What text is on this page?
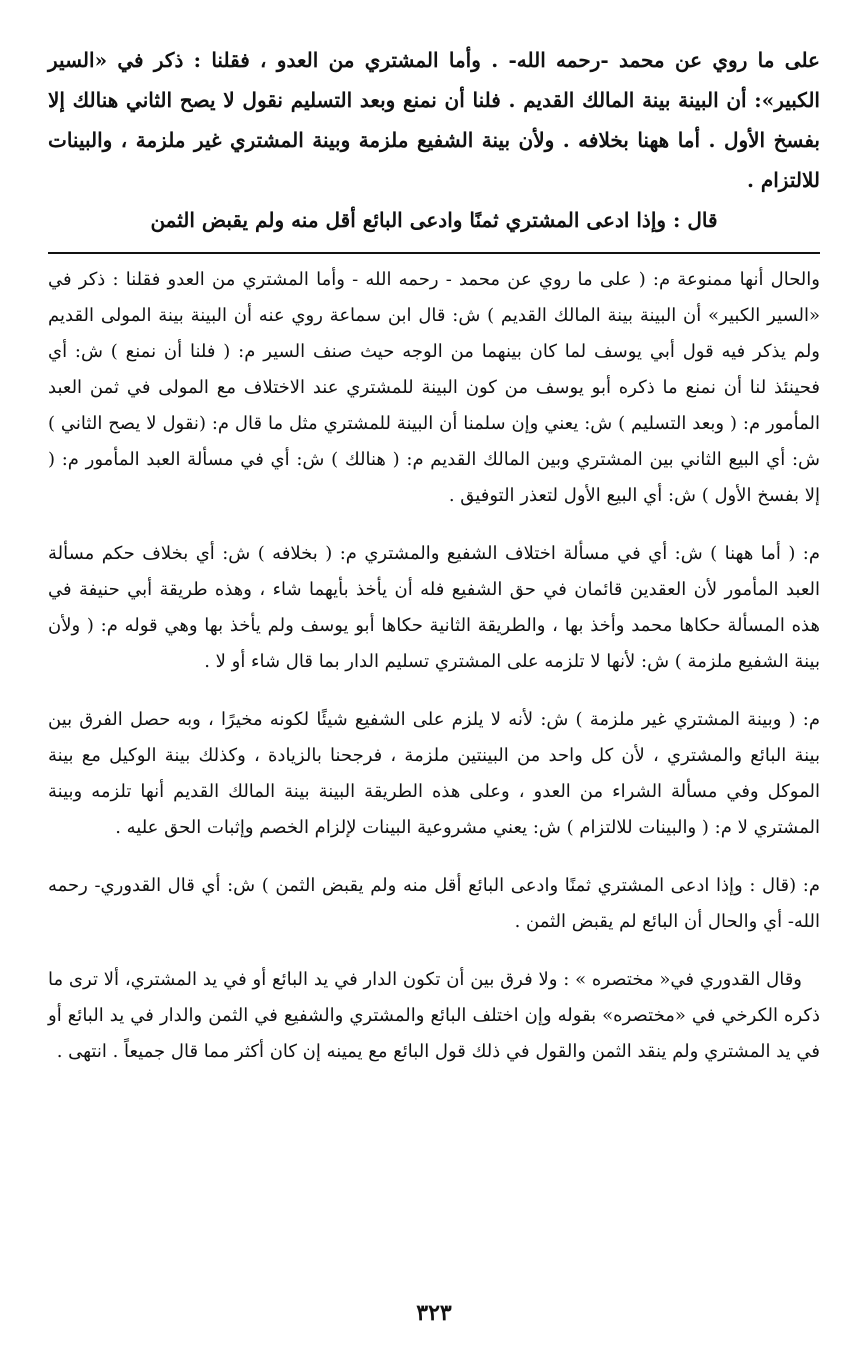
على ما روي عن محمد -رحمه الله- . وأما المشتري من العدو ، فقلنا : ذكر في «السير الكبير»: أن البينة بينة المالك القديم . فلنا أن نمنع وبعد التسليم نقول لا يصح الثاني هنالك إلا بفسخ الأول . أما ههنا بخلافه . ولأن بينة الشفيع ملزمة وبينة المشتري غير ملزمة ، والبينات للالتزام .

قال : وإذا ادعى المشتري ثمنًا وادعى البائع أقل منه ولم يقبض الثمن

والحال أنها ممنوعة م: ( على ما روي عن محمد - رحمه الله - وأما المشتري من العدو فقلنا : ذكر في «السير الكبير» أن البينة بينة المالك القديم ) ش: قال ابن سماعة روي عنه أن البينة بينة المولى القديم ولم يذكر فيه قول أبي يوسف لما كان بينهما من الوجه حيث صنف السير م: ( فلنا أن نمنع ) ش: أي فحينئذ لنا أن نمنع ما ذكره أبو يوسف من كون البينة للمشتري عند الاختلاف مع المولى في ثمن العبد المأمور م: ( وبعد التسليم ) ش: يعني وإن سلمنا أن البينة للمشتري مثل ما قال م: (نقول لا يصح الثاني ) ش: أي البيع الثاني بين المشتري وبين المالك القديم م: ( هنالك ) ش: أي في مسألة العبد المأمور م: ( إلا بفسخ الأول ) ش: أي البيع الأول لتعذر التوفيق .

م: ( أما ههنا ) ش: أي في مسألة اختلاف الشفيع والمشتري م: ( بخلافه ) ش: أي بخلاف حكم مسألة العبد المأمور لأن العقدين قائمان في حق الشفيع فله أن يأخذ بأيهما شاء ، وهذه طريقة أبي حنيفة في هذه المسألة حكاها محمد وأخذ بها ، والطريقة الثانية حكاها أبو يوسف ولم يأخذ بها وهي قوله م: ( ولأن بينة الشفيع ملزمة ) ش: لأنها لا تلزمه على المشتري تسليم الدار بما قال شاء أو لا .

م: ( وبينة المشتري غير ملزمة ) ش: لأنه لا يلزم على الشفيع شيئًا لكونه مخيرًا ، وبه حصل الفرق بين بينة البائع والمشتري ، لأن كل واحد من البينتين ملزمة ، فرجحنا بالزيادة ، وكذلك بينة الوكيل مع بينة الموكل وفي مسألة الشراء من العدو ، وعلى هذه الطريقة البينة بينة المالك القديم أنها تلزمه وبينة المشتري لا م: ( والبينات للالتزام ) ش: يعني مشروعية البينات لإلزام الخصم وإثبات الحق عليه .

م: (قال : وإذا ادعى المشتري ثمنًا وادعى البائع أقل منه ولم يقبض الثمن ) ش: أي قال القدوري- رحمه الله- أي والحال أن البائع لم يقبض الثمن .

وقال القدوري في« مختصره » : ولا فرق بين أن تكون الدار في يد البائع أو في يد المشتري، ألا ترى ما ذكره الكرخي في «مختصره» بقوله وإن اختلف البائع والمشتري والشفيع في الثمن والدار في يد البائع أو في يد المشتري ولم ينقد الثمن والقول في ذلك قول البائع مع يمينه إن كان أكثر مما قال جميعاً . انتهى .

٣٢٣
